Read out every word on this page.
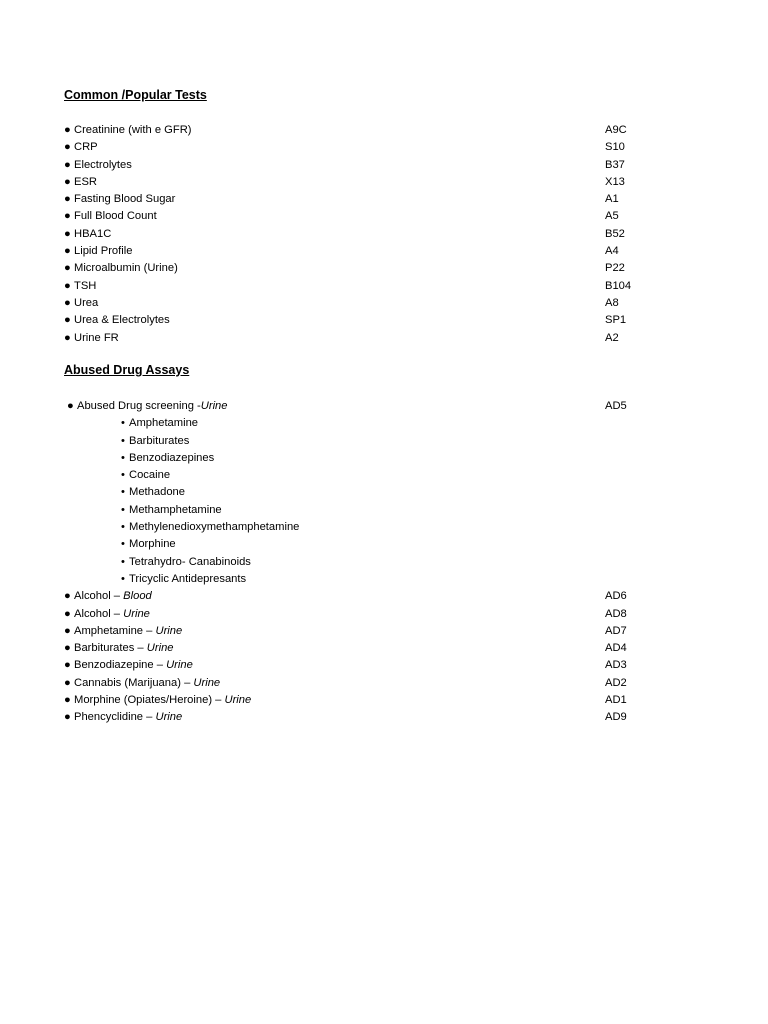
Common /Popular Tests
● Creatinine (with e GFR)	A9C
● CRP	S10
● Electrolytes	B37
● ESR	X13
● Fasting Blood Sugar	A1
● Full Blood Count	A5
● HBA1C	B52
● Lipid Profile	A4
● Microalbumin (Urine)	P22
● TSH	B104
● Urea	A8
● Urea & Electrolytes	SP1
● Urine FR	A2
Abused Drug Assays
● Abused Drug screening -Urine	AD5
• Amphetamine
• Barbiturates
• Benzodiazepines
• Cocaine
• Methadone
• Methamphetamine
• Methylenedioxymethamphetamine
• Morphine
• Tetrahydro- Canabinoids
• Tricyclic Antidepresants
● Alcohol – Blood	AD6
● Alcohol – Urine	AD8
● Amphetamine – Urine	AD7
● Barbiturates – Urine	AD4
● Benzodiazepine – Urine	AD3
● Cannabis (Marijuana) – Urine	AD2
● Morphine (Opiates/Heroine) – Urine	AD1
● Phencyclidine – Urine	AD9
